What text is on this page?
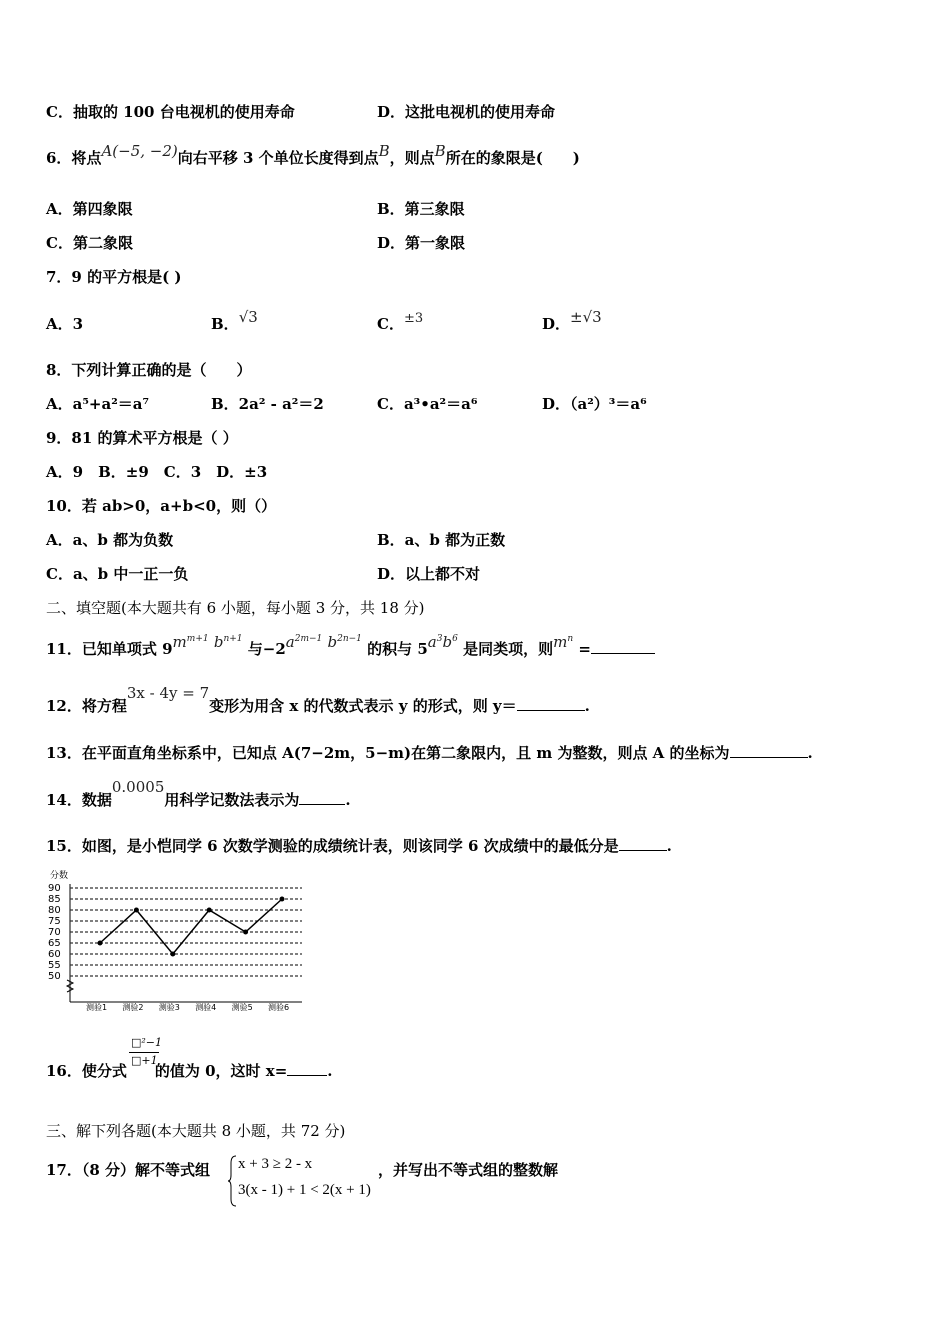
C．抽取的 100 台电视机的使用寿命	D．这批电视机的使用寿命
6．将点A(−5, −2)向右平移 3 个单位长度得到点B，则点B所在的象限是(　　)
A．第四象限	B．第三象限
C．第二象限	D．第一象限
7．9 的平方根是( )
A．3	B．√3	C．±3	D．±√3
8．下列计算正确的是（　　）
A．a⁵+a²＝a⁷	B．2a² - a²＝2	C．a³•a²＝a⁶	D．（a²）³＝a⁶
9．81 的算术平方根是（ ）
A．9　B．±9　C．3　D．±3
10．若 ab>0，a+b<0，则（）
A．a、b 都为负数	B．a、b 都为正数
C．a、b 中一正一负	D．以上都不对
二、填空题(本大题共有 6 小题，每小题 3 分，共 18 分)
11．已知单项式 $9m^{m+1}$ $b^{n+1}$ 与$-2a^{2m-1}$ $b^{2n-1}$ 的积与 $5a^3b^6$ 是同类项，则$m^n$ =
12．将方程3x - 4y = 7变形为用含 x 的代数式表示 y 的形式，则 y＝	.
13．在平面直角坐标系中，已知点 A(7−2m，5−m)在第二象限内，且 m 为整数，则点 A 的坐标为	.
14．数据0.0005用科学记数法表示为	.
15．如图，是小恺同学 6 次数学测验的成绩统计表，则该同学 6 次成绩中的最低分是	.
分数
90
85
80
75
70
65
60
55
50
测验1 测验2 测验3 测验4 测验5 测验6
□²−1
□+1
16．使分式 的值为 0，这时 x=	.
三、解下列各题(本大题共 8 小题，共 72 分)
17．（8 分）解不等式组	，并写出不等式组的整数解
x + 3 ≥ 2 - x
3(x - 1) + 1 < 2(x + 1)
